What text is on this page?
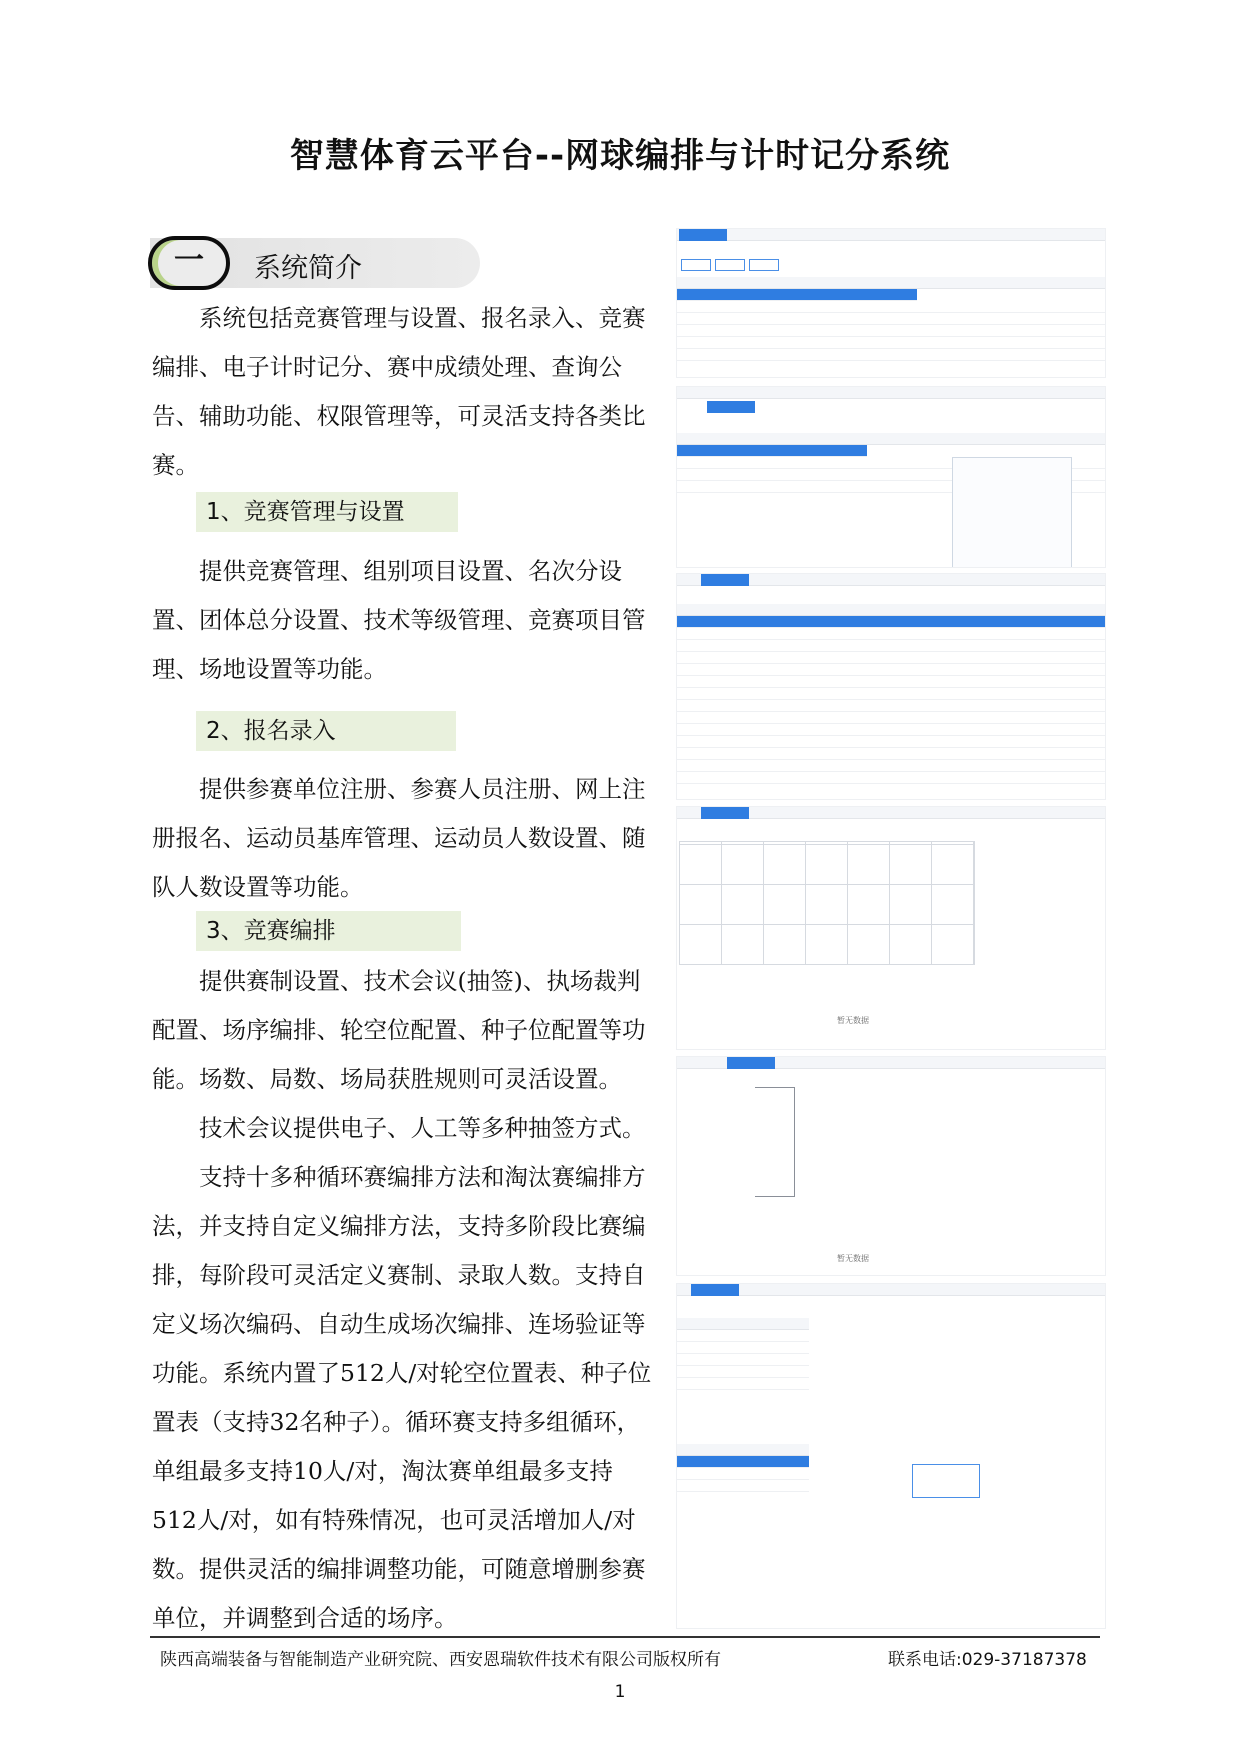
智慧体育云平台--网球编排与计时记分系统
一	系统简介
系统包括竞赛管理与设置、报名录入、竞赛编排、电子计时记分、赛中成绩处理、查询公告、辅助功能、权限管理等，可灵活支持各类比赛。
1、竞赛管理与设置
提供竞赛管理、组别项目设置、名次分设置、团体总分设置、技术等级管理、竞赛项目管理、场地设置等功能。
2、报名录入
提供参赛单位注册、参赛人员注册、网上注册报名、运动员基库管理、运动员人数设置、随队人数设置等功能。
3、竞赛编排
提供赛制设置、技术会议(抽签)、执场裁判配置、场序编排、轮空位配置、种子位配置等功能。场数、局数、场局获胜规则可灵活设置。
技术会议提供电子、人工等多种抽签方式。
支持十多种循环赛编排方法和淘汰赛编排方法，并支持自定义编排方法，支持多阶段比赛编排，每阶段可灵活定义赛制、录取人数。支持自定义场次编码、自动生成场次编排、连场验证等功能。系统内置了512人/对轮空位置表、种子位置表（支持32名种子）。循环赛支持多组循环，单组最多支持10人/对，淘汰赛单组最多支持512人/对，如有特殊情况，也可灵活增加人/对数。提供灵活的编排调整功能，可随意增删参赛单位，并调整到合适的场序。
暂无数据
暂无数据
陕西高端装备与智能制造产业研究院、西安恩瑞软件技术有限公司版权所有	联系电话:029-37187378
1
